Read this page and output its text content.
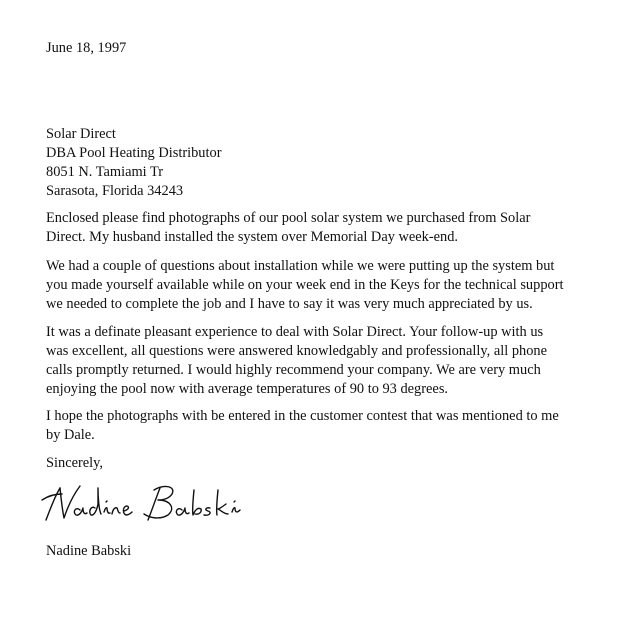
June 18, 1997
Solar Direct
DBA Pool Heating Distributor
8051 N. Tamiami Tr
Sarasota, Florida 34243
Enclosed please find photographs of our pool solar system we purchased from Solar
Direct. My husband installed the system over Memorial Day week-end.
We had a couple of questions about installation while we were putting up the system but
you made yourself available while on your week end in the Keys for the technical support
we needed to complete the job and I have to say it was very much appreciated by us.
It was a definate pleasant experience to deal with Solar Direct. Your follow-up with us
was excellent, all questions were answered knowledgably and professionally, all phone
calls promptly returned. I would highly recommend your company. We are very much
enjoying the pool now with average temperatures of 90 to 93 degrees.
I hope the photographs with be entered in the customer contest that was mentioned to me
by Dale.
Sincerely,
Nadine Babski
